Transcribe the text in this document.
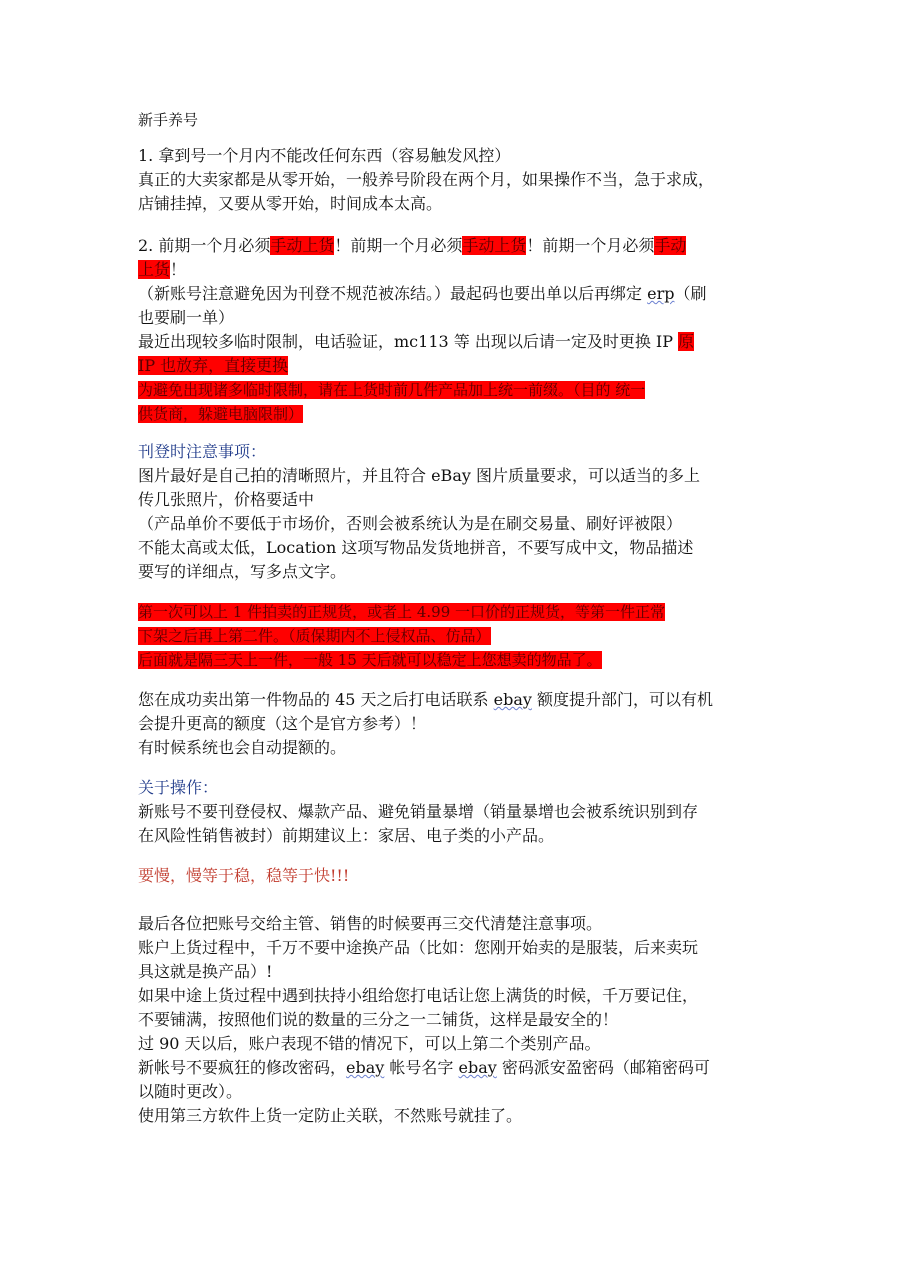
新手养号
1. 拿到号一个月内不能改任何东西（容易触发风控）
真正的大卖家都是从零开始，一般养号阶段在两个月，如果操作不当，急于求成，
店铺挂掉，又要从零开始，时间成本太高。
2. 前期一个月必须手动上货！前期一个月必须手动上货！前期一个月必须手动
上货！
（新账号注意避免因为刊登不规范被冻结。）最起码也要出单以后再绑定 erp（刷
也要刷一单）
最近出现较多临时限制，电话验证，mc113 等 出现以后请一定及时更换 IP 原
IP 也放弃，直接更换
为避免出现诸多临时限制，请在上货时前几件产品加上统一前缀。（目的 统一
供货商，躲避电脑限制）
刊登时注意事项：
图片最好是自己拍的清晰照片，并且符合 eBay 图片质量要求，可以适当的多上
传几张照片，价格要适中
（产品单价不要低于市场价，否则会被系统认为是在刷交易量、刷好评被限）
不能太高或太低，Location 这项写物品发货地拼音，不要写成中文，物品描述
要写的详细点，写多点文字。
第一次可以上 1 件拍卖的正规货，或者上 4.99 一口价的正规货，等第一件正常
下架之后再上第二件。（质保期内不上侵权品、仿品）
后面就是隔三天上一件，一般 15 天后就可以稳定上您想卖的物品了。
您在成功卖出第一件物品的 45 天之后打电话联系 ebay 额度提升部门，可以有机
会提升更高的额度（这个是官方参考）！
有时候系统也会自动提额的。
关于操作：
新账号不要刊登侵权、爆款产品、避免销量暴增（销量暴增也会被系统识别到存
在风险性销售被封）前期建议上：家居、电子类的小产品。
要慢，慢等于稳，稳等于快!!!
最后各位把账号交给主管、销售的时候要再三交代清楚注意事项。
账户上货过程中，千万不要中途换产品（比如：您刚开始卖的是服装，后来卖玩
具这就是换产品）!
如果中途上货过程中遇到扶持小组给您打电话让您上满货的时候，千万要记住，
不要铺满，按照他们说的数量的三分之一二铺货，这样是最安全的！
过 90 天以后，账户表现不错的情况下，可以上第二个类别产品。
新帐号不要疯狂的修改密码，ebay 帐号名字 ebay 密码派安盈密码（邮箱密码可
以随时更改）。
使用第三方软件上货一定防止关联，不然账号就挂了。
